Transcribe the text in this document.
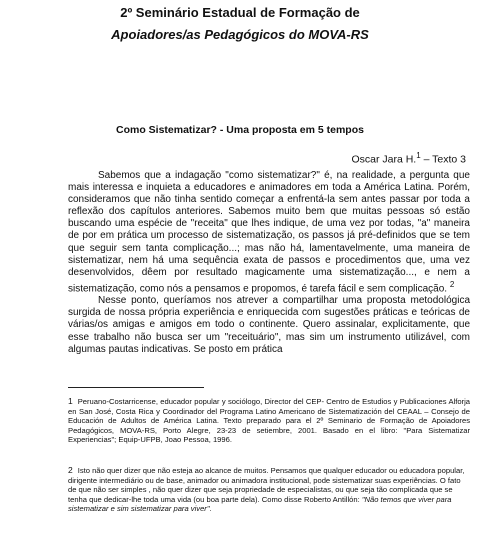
2º Seminário Estadual de Formação de
Apoiadores/as Pedagógicos do MOVA-RS
Como Sistematizar? - Uma proposta em 5 tempos
Oscar Jara H.$^1$ – Texto 3

Sabemos que a indagação "como sistematizar?" é, na realidade, a pergunta que mais interessa e inquieta a educadores e animadores em toda a América Latina. Porém, consideramos que não tinha sentido começar a enfrentá-la sem antes passar por toda a reflexão dos capítulos anteriores. Sabemos muito bem que muitas pessoas só estão buscando uma espécie de "receita" que lhes indique, de uma vez por todas, "a" maneira de por em prática um processo de sistematização, os passos já pré-definidos que se tem que seguir sem tanta complicação...; mas não há, lamentavelmente, uma maneira de sistematizar, nem há uma sequência exata de passos e procedimentos que, uma vez desenvolvidos, dêem por resultado magicamente uma sistematização..., e nem a sistematização, como nós a pensamos e propomos, é tarefa fácil e sem complicação. $^2$

Nesse ponto, queríamos nos atrever a compartilhar uma proposta metodológica surgida de nossa própria experiência e enriquecida com sugestões práticas e teóricas de várias/os amigas e amigos em todo o continente. Quero assinalar, explicitamente, que esse trabalho não busca ser um "receituário", mas sim um instrumento utilizável, com algumas pautas indicativas. Se posto em prática

1 Peruano-Costarricense, educador popular y sociólogo, Director del CEP- Centro de Estudios y Publicaciones Alforja en San José, Costa Rica y Coordinador del Programa Latino Americano de Sistematización del CEAAL – Consejo de Educación de Adultos de América Latina. Texto preparado para el 2º Seminario de Formação de Apoiadores Pedagógicos, MOVA-RS, Porto Alegre, 23-23 de setiembre, 2001. Basado en el libro: "Para Sistematizar Experiencias"; Equip-UFPB, Joao Pessoa, 1996.
2 Isto não quer dizer que não esteja ao alcance de muitos. Pensamos que qualquer educador ou educadora popular, dirigente intermediário ou de base, animador ou animadora institucional, pode sistematizar suas experiências. O fato de que não ser simples , não quer dizer que seja propriedade de especialistas, ou que seja tão complicada que se tenha que dedicar-lhe toda uma vida (ou boa parte dela). Como disse Roberto Antillón: "Não temos que viver para sistematizar e sim sistematizar para viver".
